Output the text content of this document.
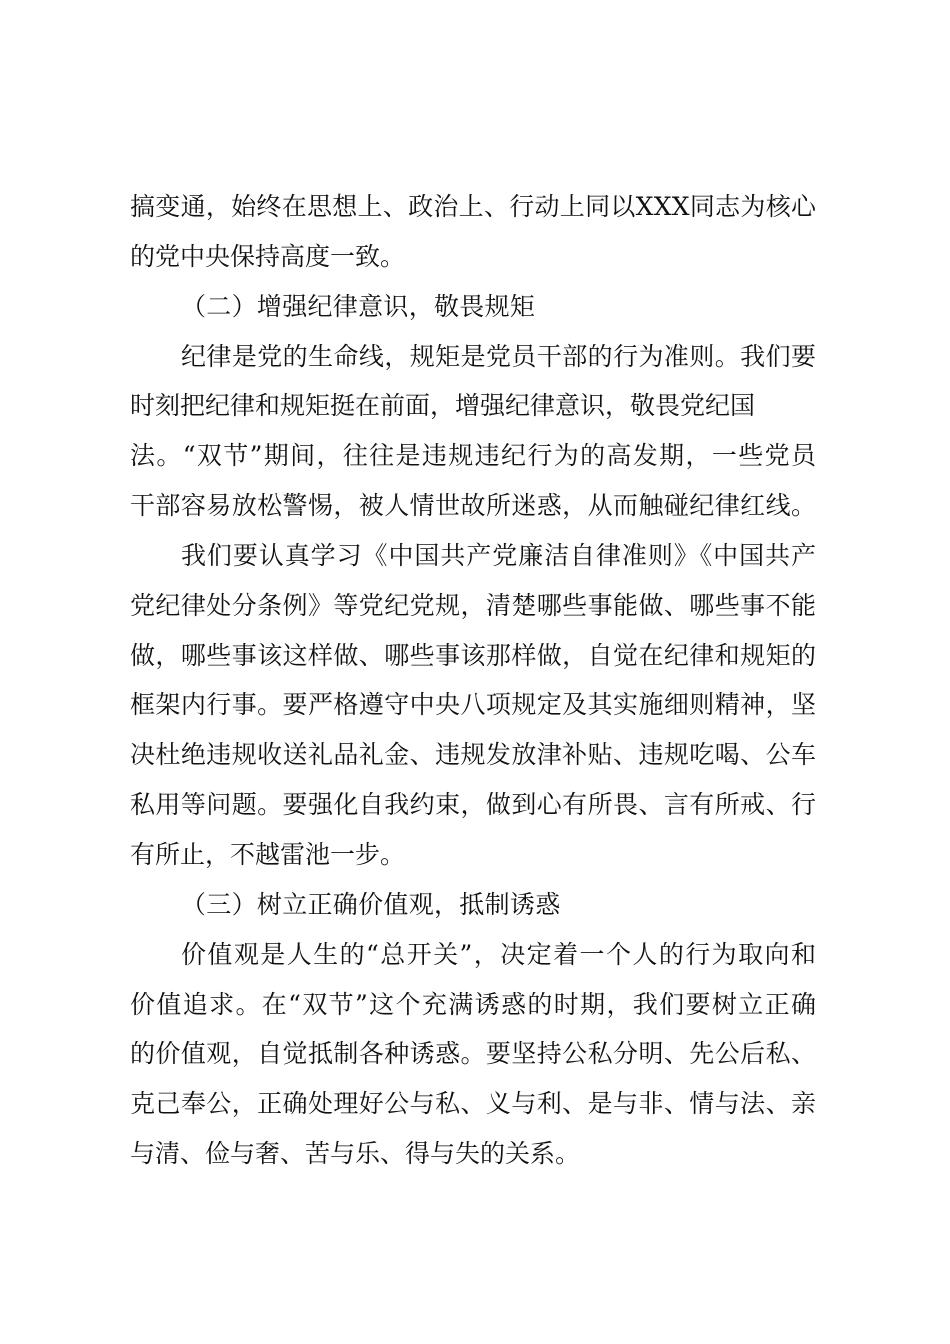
搞变通，始终在思想上、政治上、行动上同以XXX同志为核心
的党中央保持高度一致。
（二）增强纪律意识，敬畏规矩
纪律是党的生命线，规矩是党员干部的行为准则。我们要
时刻把纪律和规矩挺在前面，增强纪律意识，敬畏党纪国
法。“双节”期间，往往是违规违纪行为的高发期，一些党员
干部容易放松警惕，被人情世故所迷惑，从而触碰纪律红线。
我们要认真学习《中国共产党廉洁自律准则》《中国共产
党纪律处分条例》等党纪党规，清楚哪些事能做、哪些事不能
做，哪些事该这样做、哪些事该那样做，自觉在纪律和规矩的
框架内行事。要严格遵守中央八项规定及其实施细则精神，坚
决杜绝违规收送礼品礼金、违规发放津补贴、违规吃喝、公车
私用等问题。要强化自我约束，做到心有所畏、言有所戒、行
有所止，不越雷池一步。
（三）树立正确价值观，抵制诱惑
价值观是人生的“总开关”，决定着一个人的行为取向和
价值追求。在“双节”这个充满诱惑的时期，我们要树立正确
的价值观，自觉抵制各种诱惑。要坚持公私分明、先公后私、
克己奉公，正确处理好公与私、义与利、是与非、情与法、亲
与清、俭与奢、苦与乐、得与失的关系。
